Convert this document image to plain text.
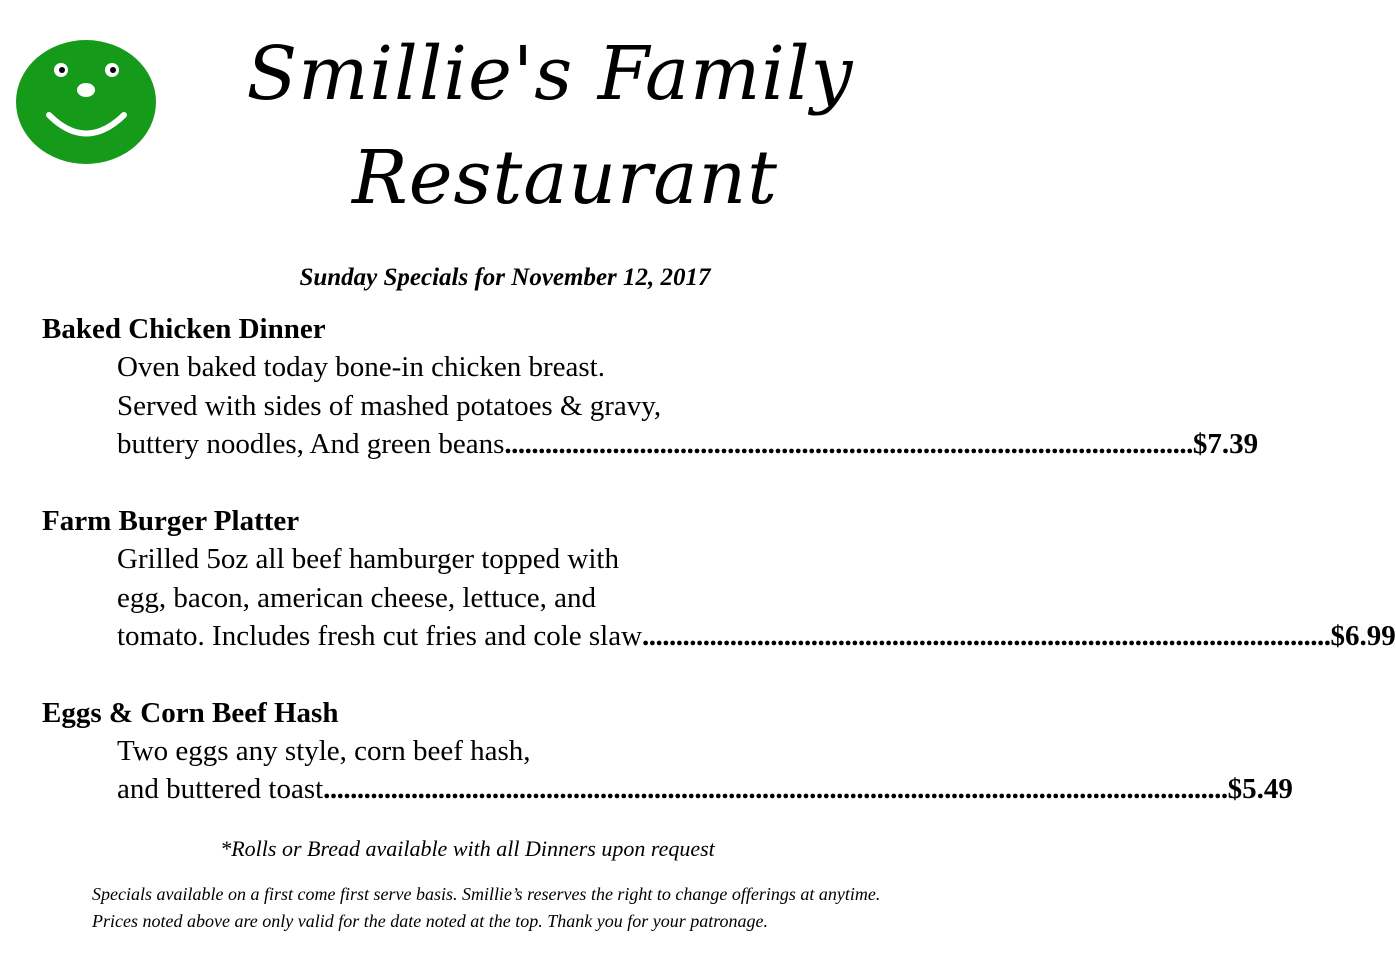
Smillie's Family
Restaurant
Sunday Specials for November 12, 2017
Baked Chicken Dinner
Oven baked today bone-in chicken breast.
Served with sides of mashed potatoes & gravy,
buttery noodles, And green beans ...................................................................................................... $7.39
Farm Burger Platter
Grilled 5oz all beef hamburger topped with
egg, bacon, american cheese, lettuce, and
tomato. Includes fresh cut fries and cole slaw ...................................................................................................... $6.99
Eggs & Corn Beef Hash
Two eggs any style, corn beef hash,
and buttered toast ...................................................................................................................................... $5.49
*Rolls or Bread available with all Dinners upon request
Specials available on a first come first serve basis. Smillie’s reserves the right to change offerings at anytime. Prices noted above are only valid for the date noted at the top. Thank you for your patronage.
